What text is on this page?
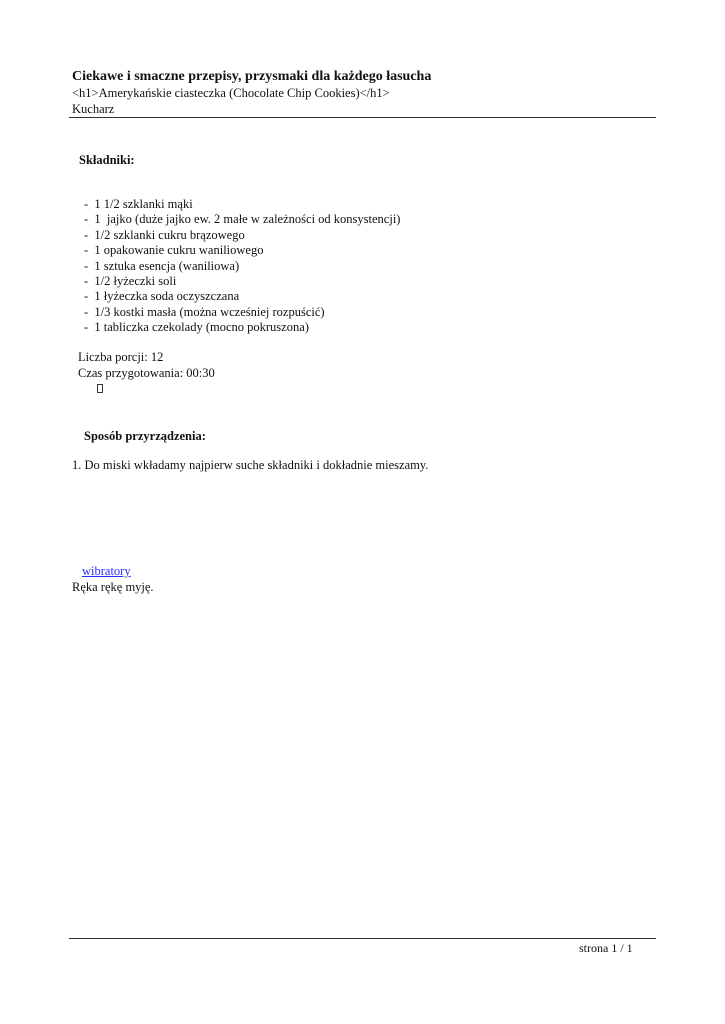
Ciekawe i smaczne przepisy, przysmaki dla każdego łasucha

<h1>Amerykańskie ciasteczka (Chocolate Chip Cookies)</h1>

Kucharz

Składniki:

-  1 1/2 szklanki mąki
-  1  jajko (duże jajko ew. 2 małe w zależności od konsystencji)
-  1/2 szklanki cukru brązowego
-  1 opakowanie cukru waniliowego
-  1 sztuka esencja (waniliowa)
-  1/2 łyżeczki soli
-  1 łyżeczka soda oczyszczana
-  1/3 kostki masła (można wcześniej rozpuścić)
-  1 tabliczka czekolady (mocno pokruszona)
Liczba porcji: 12
Czas przygotowania: 00:30

Sposób przyrządzenia:

1. Do miski wkładamy najpierw suche składniki i dokładnie mieszamy.

wibratory
Ręka rękę myję.
strona 1 / 1
